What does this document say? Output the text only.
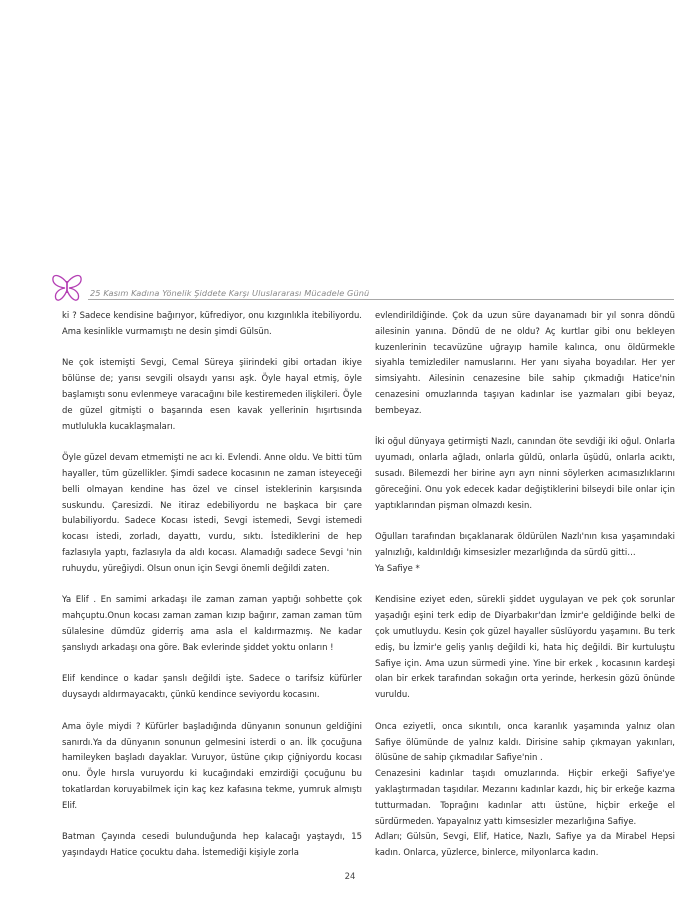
25 Kasım Kadına Yönelik Şiddete Karşı Uluslararası Mücadele Günü

ki ? Sadece kendisine bağırıyor, küfrediyor, onu kızgınlıkla itebiliyordu. Ama kesinlikle vurmamıştı ne desin şimdi Gülsün.

Ne çok istemişti Sevgi, Cemal Süreya şiirindeki gibi ortadan ikiye bölünse de; yarısı sevgili olsaydı yarısı aşk. Öyle hayal etmiş, öyle başlamıştı sonu evlenmeye varacağını bile kestiremeden ilişkileri. Öyle de güzel gitmişti o başarında esen kavak yellerinin hışırtısında mutlulukla kucaklaşmaları.

Öyle güzel devam etmemişti ne acı ki. Evlendi. Anne oldu. Ve bitti tüm hayaller, tüm güzellikler. Şimdi sadece kocasının ne zaman isteyeceği belli olmayan kendine has özel ve cinsel isteklerinin karşısında suskundu. Çaresizdi. Ne itiraz edebiliyordu ne başkaca bir çare bulabiliyordu. Sadece Kocası istedi, Sevgi istemedi, Sevgi istemedi kocası istedi, zorladı, dayattı, vurdu, sıktı. İstediklerini de hep fazlasıyla yaptı, fazlasıyla da aldı kocası. Alamadığı sadece Sevgi 'nin ruhuydu, yüreğiydi. Olsun onun için Sevgi önemli değildi zaten.

Ya Elif . En samimi arkadaşı ile zaman zaman yaptığı sohbette çok mahçuptu.Onun kocası zaman zaman kızıp bağırır, zaman zaman tüm sülalesine dümdüz giderriş ama asla el kaldırmazmış. Ne kadar şanslıydı arkadaşı ona göre. Bak evlerinde şiddet yoktu onların !

Elif kendince o kadar şanslı değildi işte. Sadece o tarifsiz küfürler duysaydı aldırmayacaktı, çünkü kendince seviyordu kocasını.

Ama öyle miydi ? Küfürler başladığında dünyanın sonunun geldiğini sanırdı.Ya da dünyanın sonunun gelmesini isterdi o an. İlk çocuğuna hamileyken başladı dayaklar. Vuruyor, üstüne çıkıp çiğniyordu kocası onu. Öyle hırsla vuruyordu ki kucağındaki emzirdiği çocuğunu bu tokatlardan koruyabilmek için kaç kez kafasına tekme, yumruk almıştı Elif.

Batman Çayında cesedi bulunduğunda hep kalacağı yaştaydı, 15 yaşındaydı Hatice çocuktu daha. İstemediği kişiyle zorla

evlendirildiğinde. Çok da uzun süre dayanamadı bir yıl sonra döndü ailesinin yanına. Döndü de ne oldu? Aç kurtlar gibi onu bekleyen kuzenlerinin tecavüzüne uğrayıp hamile kalınca, onu öldürmekle siyahla temizlediler namuslarını. Her yanı siyaha boyadılar. Her yer simsiyahtı. Ailesinin cenazesine bile sahip çıkmadığı Hatice'nin cenazesini omuzlarında taşıyan kadınlar ise yazmaları gibi beyaz, bembeyaz.

İki oğul dünyaya getirmişti Nazlı, canından öte sevdiği iki oğul. Onlarla uyumadı, onlarla ağladı, onlarla güldü, onlarla üşüdü, onlarla acıktı, susadı. Bilemezdi her birine ayrı ayrı ninni söylerken acımasızlıklarını göreceğini. Onu yok edecek kadar değiştiklerini bilseydi bile onlar için yaptıklarından pişman olmazdı kesin.

Oğulları tarafından bıçaklanarak öldürülen Nazlı'nın kısa yaşamındaki yalnızlığı, kaldırıldığı kimsesizler mezarlığında da sürdü gitti…
Ya Safiye *

Kendisine eziyet eden, sürekli şiddet uygulayan ve pek çok sorunlar yaşadığı eşini terk edip de Diyarbakır'dan İzmir'e geldiğinde belki de çok umutluydu. Kesin çok güzel hayaller süslüyordu yaşamını. Bu terk ediş, bu İzmir'e geliş yanlış değildi ki, hata hiç değildi. Bir kurtuluştu Safiye için. Ama uzun sürmedi yine. Yine bir erkek , kocasının kardeşi olan bir erkek tarafından sokağın orta yerinde, herkesin gözü önünde vuruldu.

Onca eziyetli, onca sıkıntılı, onca karanlık yaşamında yalnız olan Safiye ölümünde de yalnız kaldı. Dirisine sahip çıkmayan yakınları, ölüsüne de sahip çıkmadılar Safiye'nin .
Cenazesini kadınlar taşıdı omuzlarında. Hiçbir erkeği Safiye'ye yaklaştırmadan taşıdılar. Mezarını kadınlar kazdı, hiç bir erkeğe kazma tutturmadan. Toprağını kadınlar attı üstüne, hiçbir erkeğe el sürdürmeden. Yapayalnız yattı kimsesizler mezarlığına Safiye.
Adları; Gülsün, Sevgi, Elif, Hatice, Nazlı, Safiye ya da Mirabel Hepsi kadın. Onlarca, yüzlerce, binlerce, milyonlarca kadın.

24
